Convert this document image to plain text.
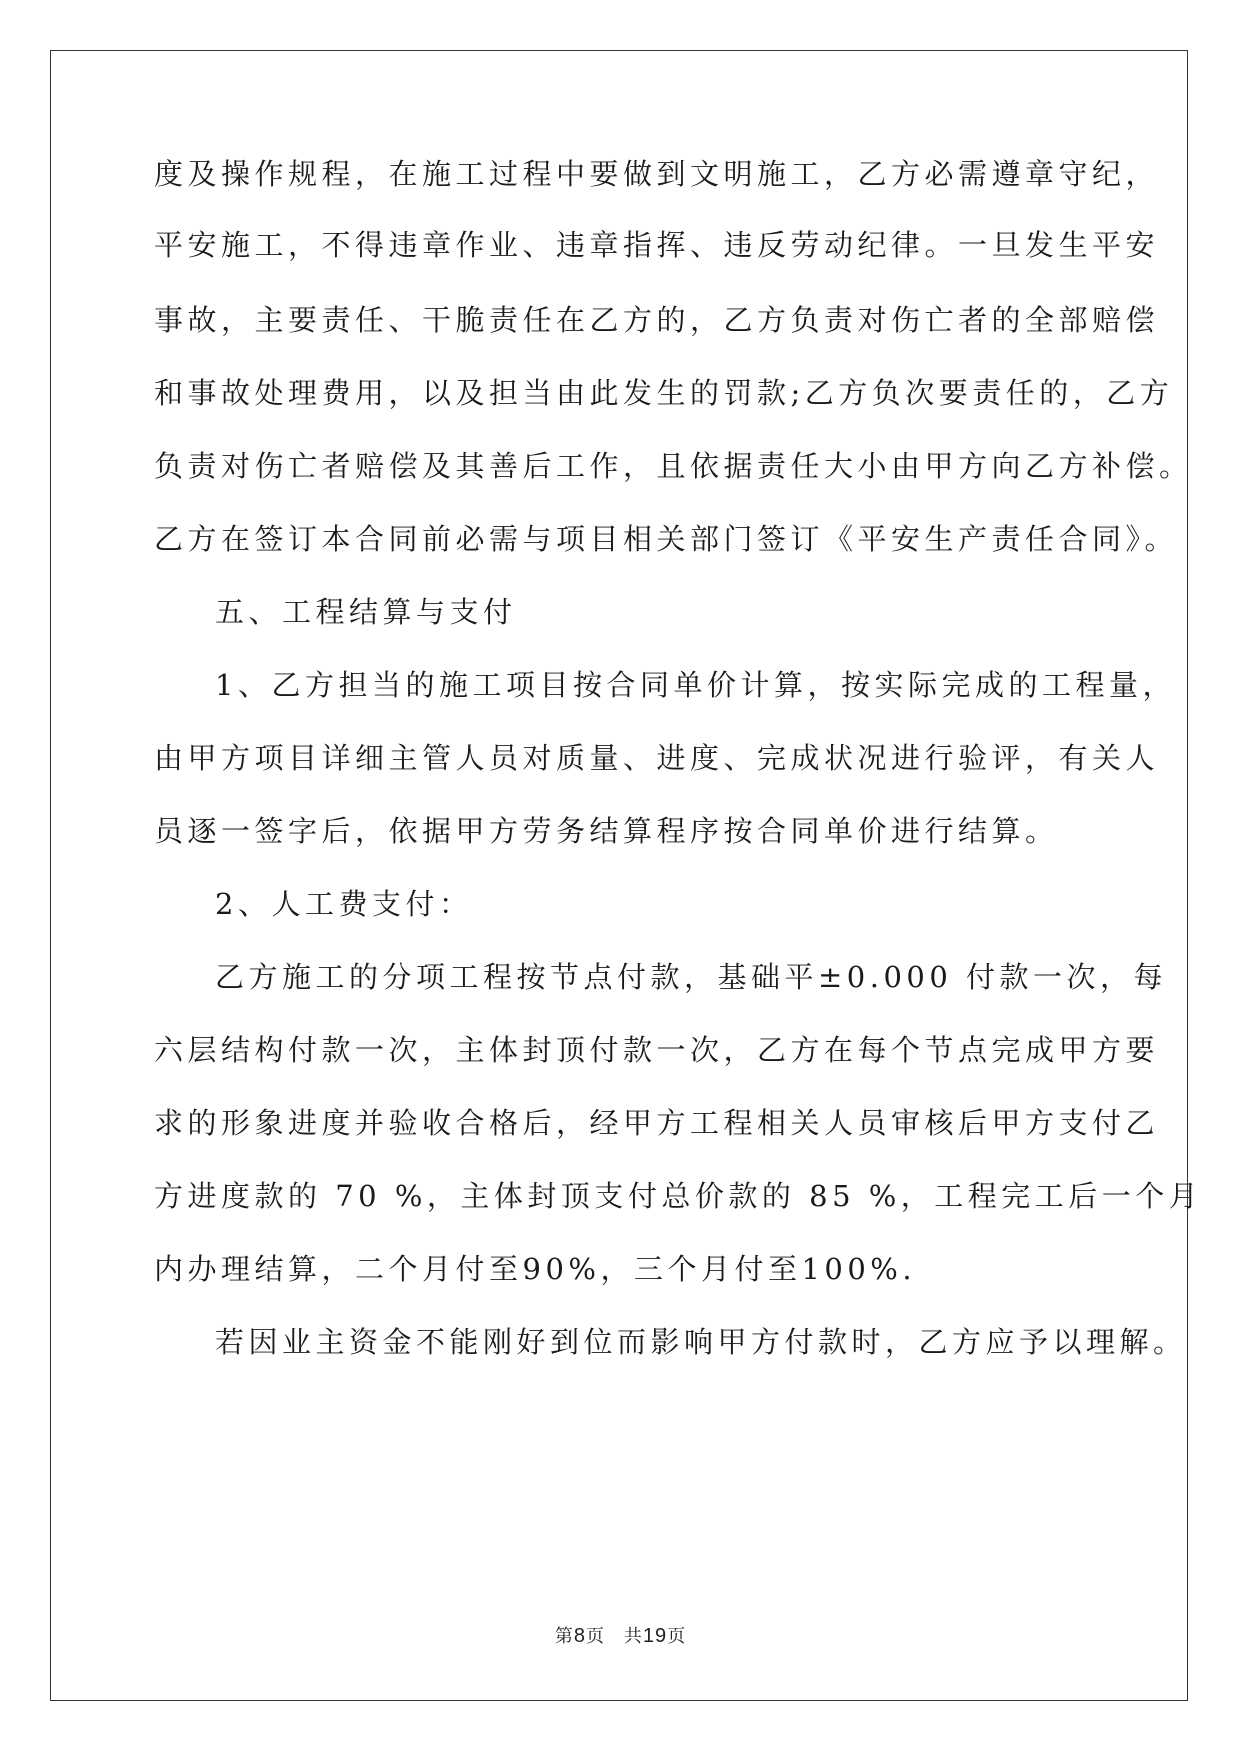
度及操作规程，在施工过程中要做到文明施工，乙方必需遵章守纪，
平安施工，不得违章作业、违章指挥、违反劳动纪律。一旦发生平安
事故，主要责任、干脆责任在乙方的，乙方负责对伤亡者的全部赔偿
和事故处理费用，以及担当由此发生的罚款;乙方负次要责任的，乙方
负责对伤亡者赔偿及其善后工作，且依据责任大小由甲方向乙方补偿。
乙方在签订本合同前必需与项目相关部门签订《平安生产责任合同》。
五、工程结算与支付
1、乙方担当的施工项目按合同单价计算，按实际完成的工程量，
由甲方项目详细主管人员对质量、进度、完成状况进行验评，有关人
员逐一签字后，依据甲方劳务结算程序按合同单价进行结算。
2、人工费支付：
乙方施工的分项工程按节点付款，基础平±0.000 付款一次，每
六层结构付款一次，主体封顶付款一次，乙方在每个节点完成甲方要
求的形象进度并验收合格后，经甲方工程相关人员审核后甲方支付乙
方进度款的 70 %，主体封顶支付总价款的 85 %，工程完工后一个月
内办理结算，二个月付至90%，三个月付至100%.
若因业主资金不能刚好到位而影响甲方付款时，乙方应予以理解。
第8页　共19页
